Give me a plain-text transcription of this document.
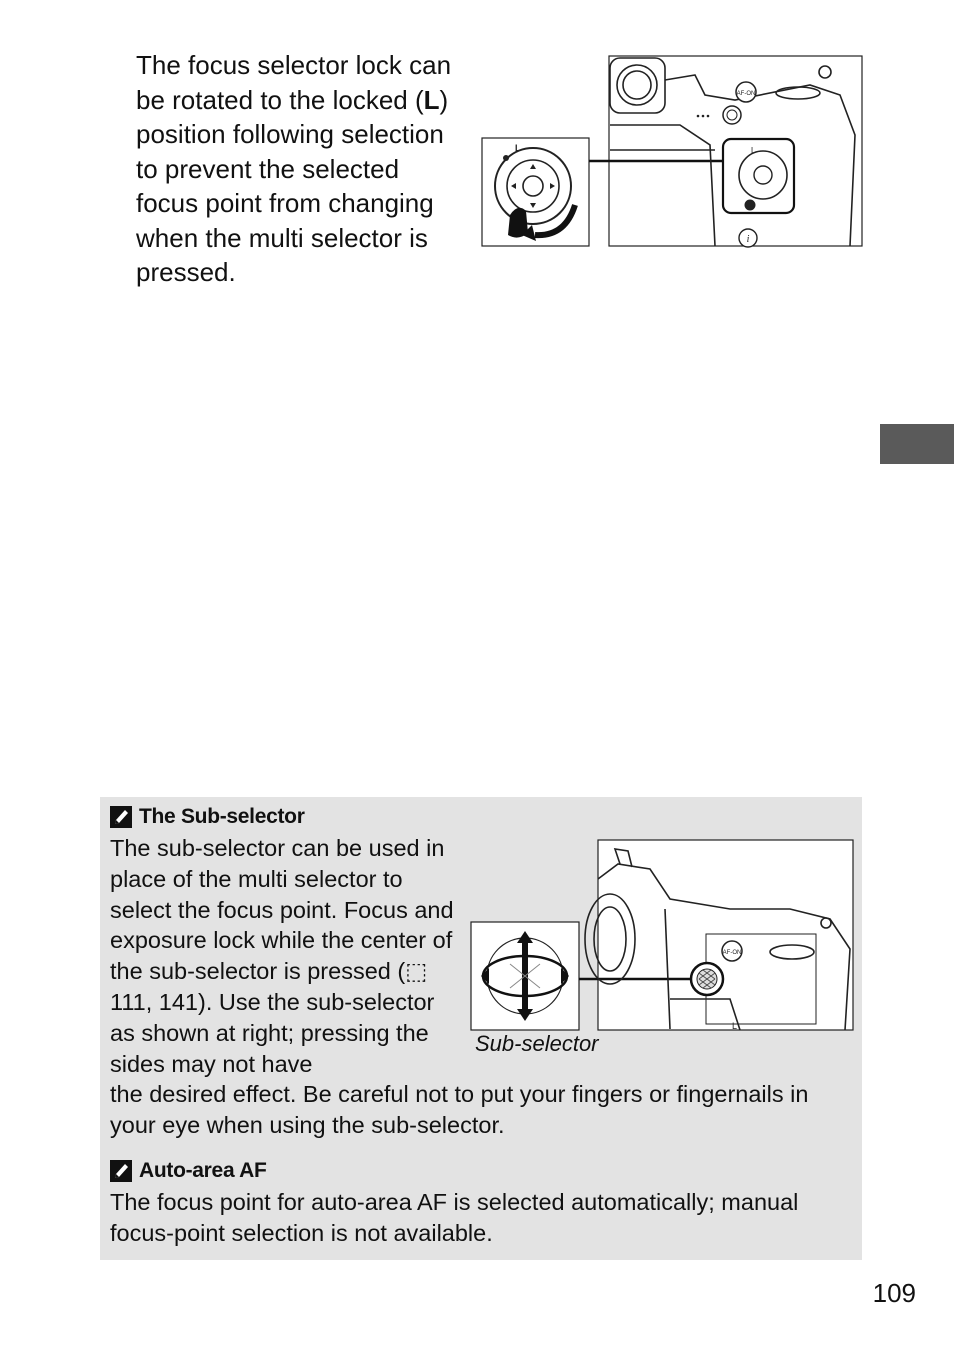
The focus selector lock can be rotated to the locked (L) position following selection to prevent the selected focus point from changing when the multi selector is pressed.

AF-ON
L
i
L
The Sub-selector

The sub-selector can be used in place of the multi selector to select the focus point. Focus and exposure lock while the center of the sub-selector is pressed (⬚ 111, 141). Use the sub-selector as shown at right; pressing the sides may not have

the desired effect. Be careful not to put your fingers or fingernails in your eye when using the sub-selector.

AF-ON
L
Sub-selector
Auto-area AF

The focus point for auto-area AF is selected automatically; manual focus-point selection is not available.

109
